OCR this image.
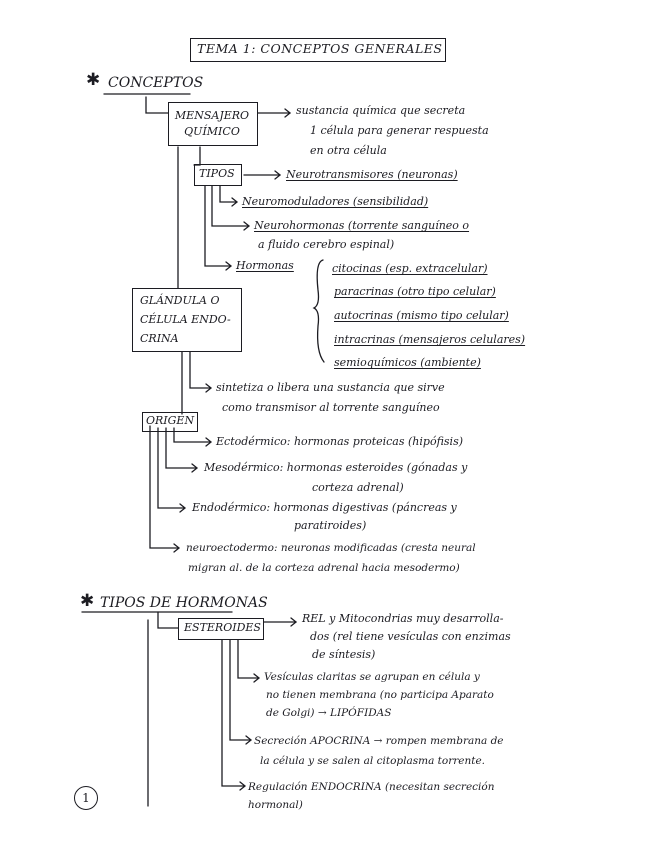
TEMA 1: CONCEPTOS GENERALES
✱ CONCEPTOS
MENSAJERO QUÍMICO
sustancia química que secreta
1 célula para generar respuesta
en otra célula
TIPOS	Neurotransmisores (neuronas)
Neuromoduladores (sensibilidad)
Neurohormonas (torrente sanguíneo o
a fluido cerebro espinal)
Hormonas	citocinas (esp. extracelular)
paracrinas (otro tipo celular)
autocrinas (mismo tipo celular)
intracrinas (mensajeros celulares)
semioquímicos (ambiente)
GLÁNDULA O
CÉLULA ENDO-
CRINA
sintetiza o libera una sustancia que sirve
como transmisor al torrente sanguíneo
ORIGEN
Ectodérmico: hormonas proteicas (hipófisis)
Mesodérmico: hormonas esteroides (gónadas y
corteza adrenal)
Endodérmico: hormonas digestivas (páncreas y
paratiroides)
neuroectodermo: neuronas modificadas (cresta neural
migran al. de la corteza adrenal hacia mesodermo)
✱ TIPOS DE HORMONAS
ESTEROIDES
REL y Mitocondrias muy desarrolla-
dos (rel tiene vesículas con enzimas
de síntesis)
Vesículas claritas se agrupan en célula y
no tienen membrana (no participa Aparato
de Golgi) → LIPÓFIDAS
Secreción APOCRINA → rompen membrana de
la célula y se salen al citoplasma torrente.
Regulación ENDOCRINA (necesitan secreción
hormonal)
1
